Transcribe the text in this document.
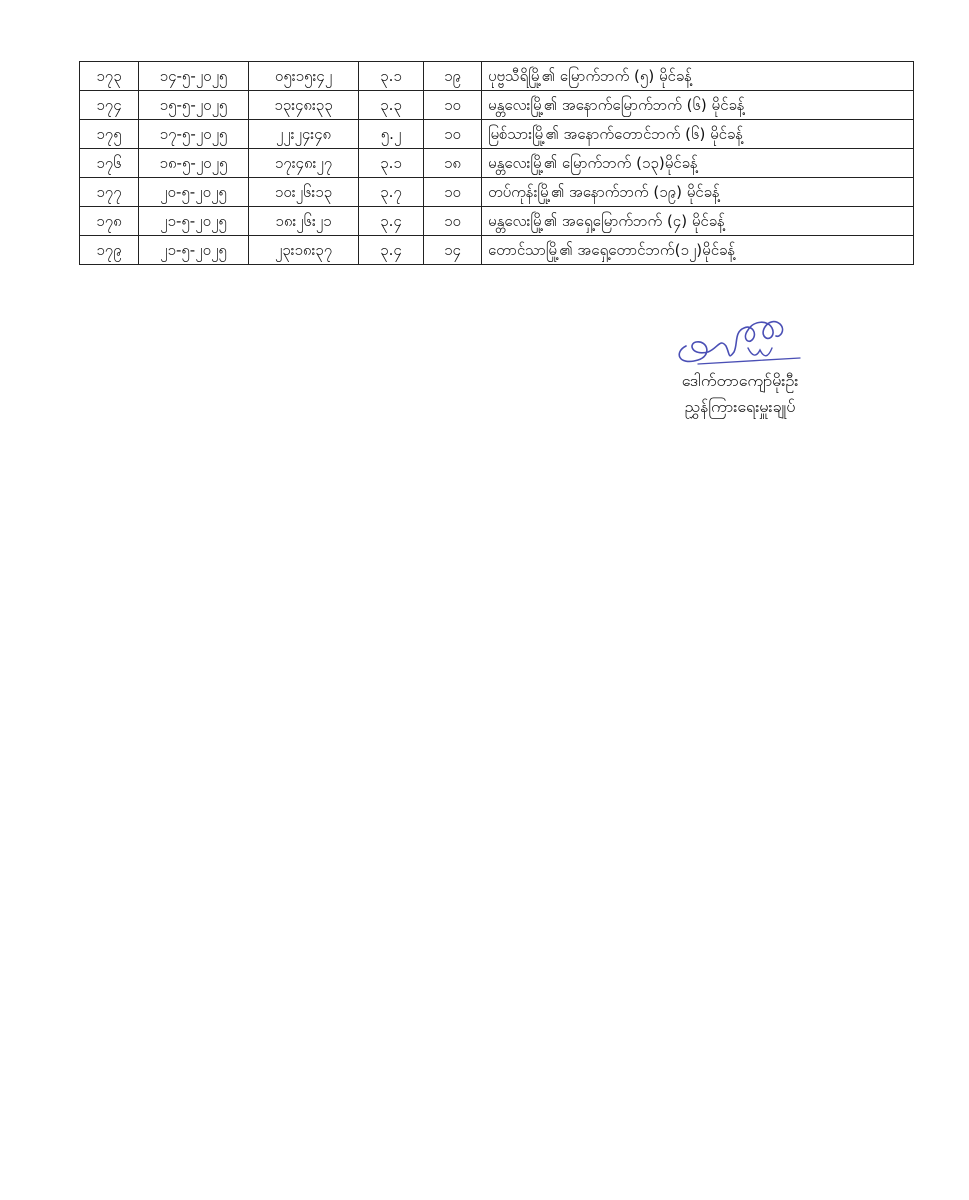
၁၇၃	၁၄-၅-၂၀၂၅	၀၅း၁၅း၄၂	၃.၁	၁၉	ပုဗ္ဗသီရိမြို့၏ မြောက်ဘက် (၅) မိုင်ခန့်
၁၇၄	၁၅-၅-၂၀၂၅	၁၃း၄၈း၃၃	၃.၃	၁၀	မန္တလေးမြို့၏ အနောက်မြောက်ဘက် (၆) မိုင်ခန့်
၁၇၅	၁၇-၅-၂၀၂၅	၂၂း၂၄း၄၈	၅.၂	၁၀	မြစ်သားမြို့၏ အနောက်တောင်ဘက် (၆) မိုင်ခန့်
၁၇၆	၁၈-၅-၂၀၂၅	၁၇း၄၈း၂၇	၃.၁	၁၈	မန္တလေးမြို့၏ မြောက်ဘက် (၁၃)မိုင်ခန့်
၁၇၇	၂၀-၅-၂၀၂၅	၁၀း၂၆း၁၃	၃.၇	၁၀	တပ်ကုန်းမြို့၏ အနောက်ဘက် (၁၉) မိုင်ခန့်
၁၇၈	၂၁-၅-၂၀၂၅	၁၈း၂၆း၂၁	၃.၄	၁၀	မန္တလေးမြို့၏ အရှေ့မြောက်ဘက် (၄) မိုင်ခန့်
၁၇၉	၂၁-၅-၂၀၂၅	၂၃း၁၈း၃၇	၃.၄	၁၄	တောင်သာမြို့၏ အရှေ့တောင်ဘက်(၁၂)မိုင်ခန့်
ဒေါက်တာကျော်မိုးဦး
ညွှန်ကြားရေးမှူးချုပ်
